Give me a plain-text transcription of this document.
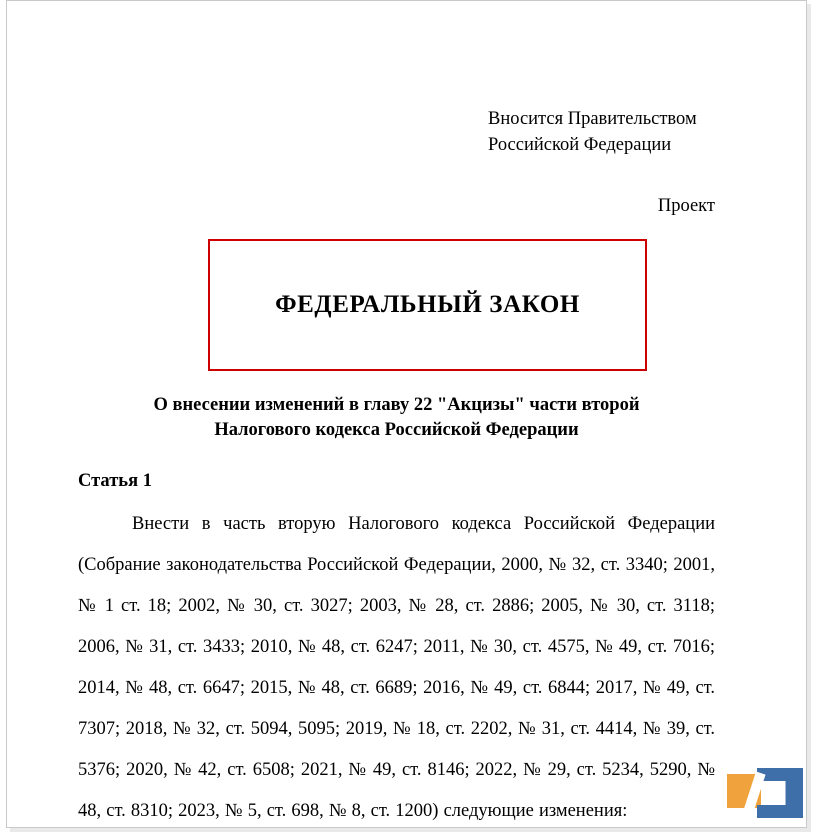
Вносится Правительством
Российской Федерации
Проект
ФЕДЕРАЛЬНЫЙ ЗАКОН
О внесении изменений в главу 22 "Акцизы" части второй
Налогового кодекса Российской Федерации
Статья 1
Внести в часть вторую Налогового кодекса Российской Федерации (Собрание законодательства Российской Федерации, 2000, № 32, ст. 3340; 2001, № 1 ст. 18; 2002, № 30, ст. 3027; 2003, № 28, ст. 2886; 2005, № 30, ст. 3118; 2006, № 31, ст. 3433; 2010, № 48, ст. 6247; 2011, № 30, ст. 4575, № 49, ст. 7016; 2014, № 48, ст. 6647; 2015, № 48, ст. 6689; 2016, № 49, ст. 6844; 2017, № 49, ст. 7307; 2018, № 32, ст. 5094, 5095; 2019, № 18, ст. 2202, № 31, ст. 4414, № 39, ст. 5376; 2020, № 42, ст. 6508; 2021, № 49, ст. 8146; 2022, № 29, ст. 5234, 5290, № 48, ст. 8310; 2023, № 5, ст. 698, № 8, ст. 1200) следующие изменения:
